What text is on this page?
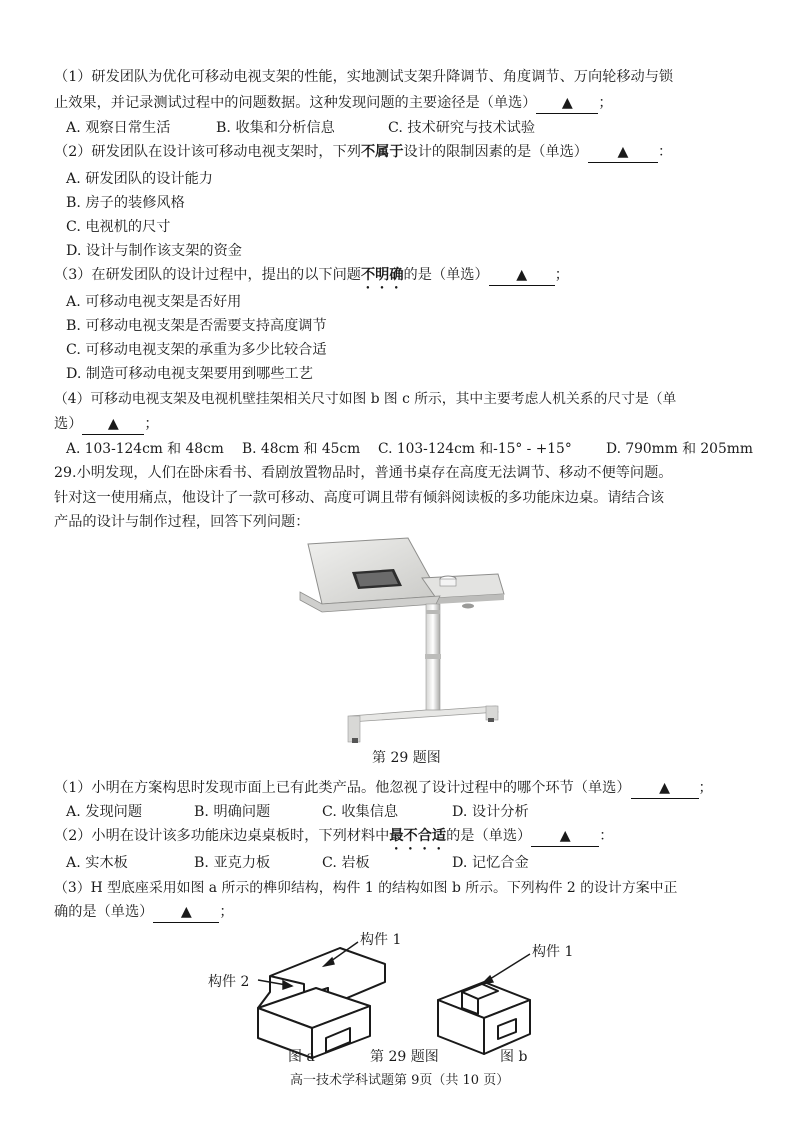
（1）研发团队为优化可移动电视支架的性能，实地测试支架升降调节、角度调节、万向轮移动与锁
止效果，并记录测试过程中的问题数据。这种发现问题的主要途径是（单选） ▲ ；
A. 观察日常生活	B. 收集和分析信息	C. 技术研究与技术试验
（2）研发团队在设计该可移动电视支架时，下列不属于设计的限制因素的是（单选） ▲ ：
A. 研发团队的设计能力
B. 房子的装修风格
C. 电视机的尺寸
D. 设计与制作该支架的资金
（3）在研发团队的设计过程中，提出的以下问题不明确的是（单选） ▲ ；
A. 可移动电视支架是否好用
B. 可移动电视支架是否需要支持高度调节
C. 可移动电视支架的承重为多少比较合适
D. 制造可移动电视支架要用到哪些工艺
（4）可移动电视支架及电视机壁挂架相关尺寸如图 b 图 c 所示，其中主要考虑人机关系的尺寸是（单
选） ▲ ；
A. 103-124cm 和 48cm B. 48cm 和 45cm C. 103-124cm 和-15° - +15° D. 790mm 和 205mm
29.小明发现，人们在卧床看书、看剧放置物品时，普通书桌存在高度无法调节、移动不便等问题。
针对这一使用痛点，他设计了一款可移动、高度可调且带有倾斜阅读板的多功能床边桌。请结合该
产品的设计与制作过程，回答下列问题：
第 29 题图
（1）小明在方案构思时发现市面上已有此类产品。他忽视了设计过程中的哪个环节（单选） ▲ ；
A. 发现问题	B. 明确问题	C. 收集信息	D. 设计分析
（2）小明在设计该多功能床边桌桌板时，下列材料中最不合适的是（单选） ▲ ：
A. 实木板	B. 亚克力板	C. 岩板	D. 记忆合金
（3）H 型底座采用如图 a 所示的榫卯结构，构件 1 的结构如图 b 所示。下列构件 2 的设计方案中正
确的是（单选） ▲ ；
构件 1
构件 2
构件 1
图 a	第 29 题图	图 b
高一技术学科试题第 9页（共 10 页）
